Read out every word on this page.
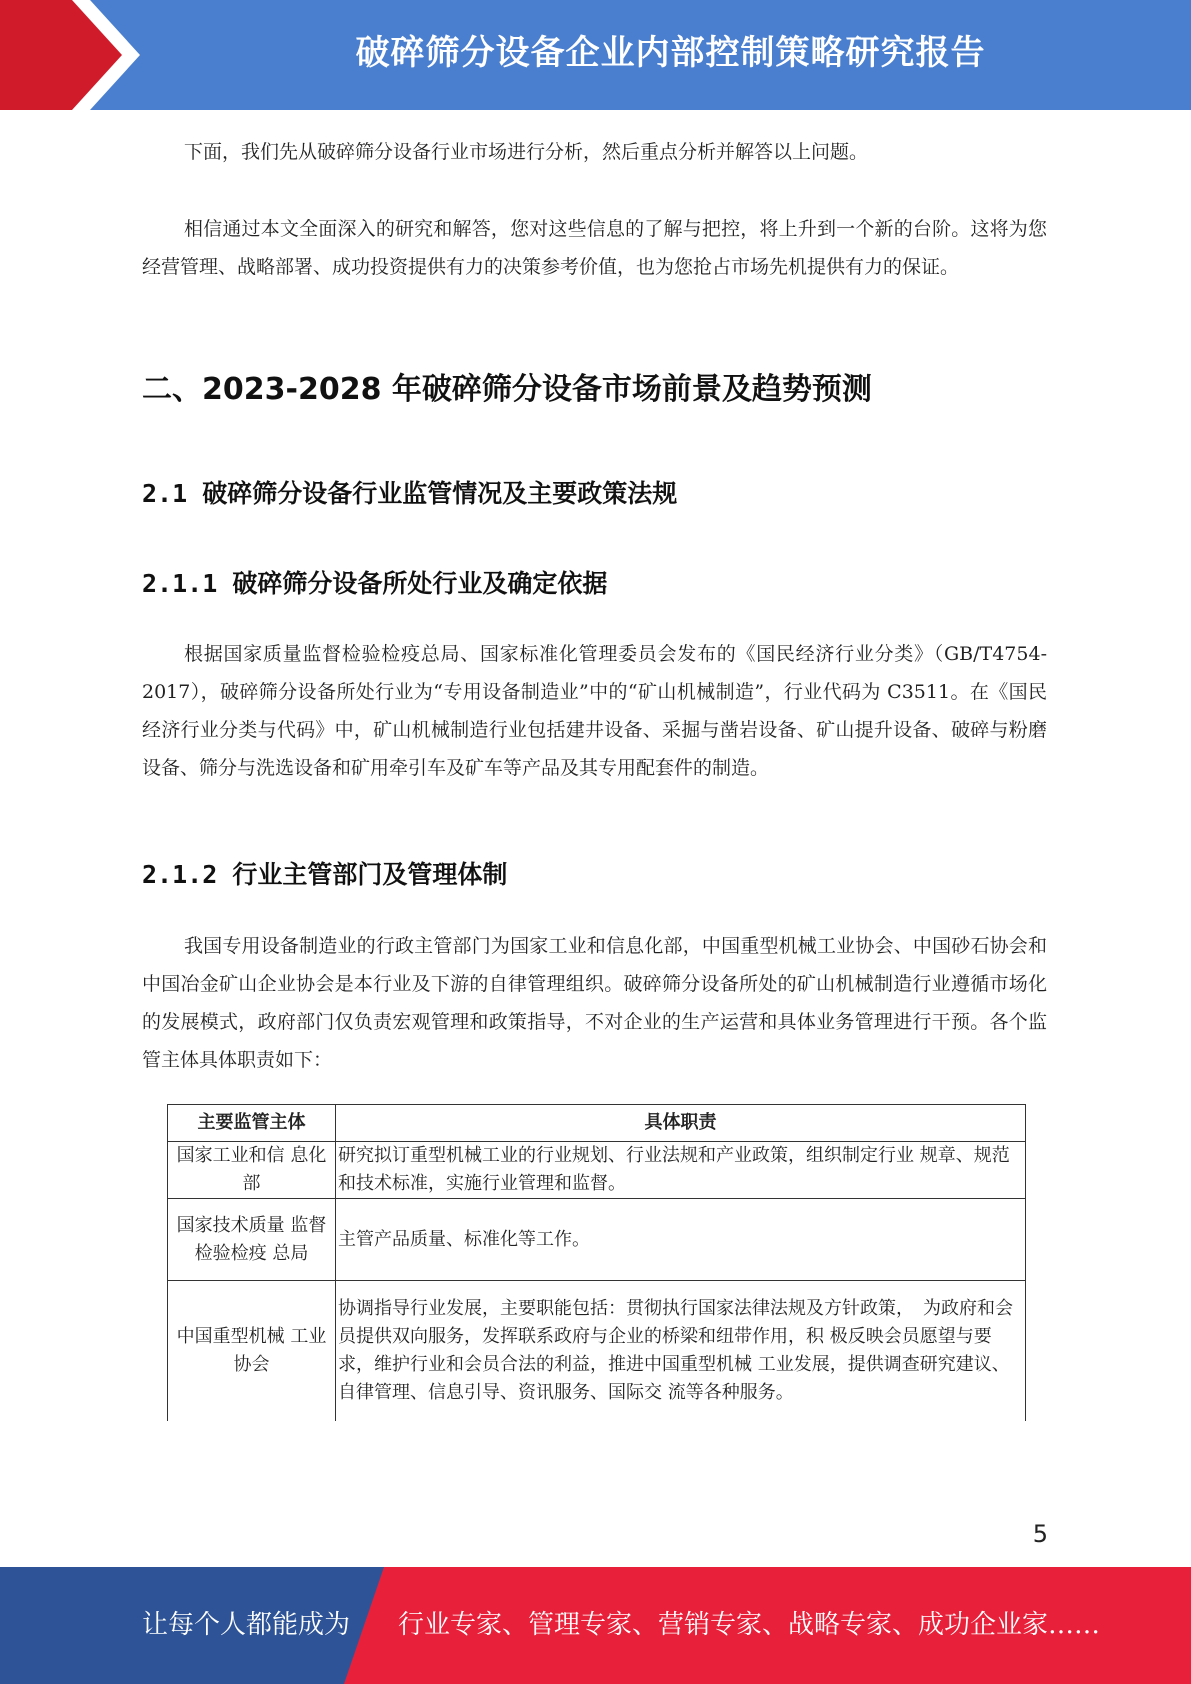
破碎筛分设备企业内部控制策略研究报告

下面，我们先从破碎筛分设备行业市场进行分析，然后重点分析并解答以上问题。

相信通过本文全面深入的研究和解答，您对这些信息的了解与把控，将上升到一个新的台阶。这将为您经营管理、战略部署、成功投资提供有力的决策参考价值，也为您抢占市场先机提供有力的保证。

二、2023-2028 年破碎筛分设备市场前景及趋势预测
2.1 破碎筛分设备行业监管情况及主要政策法规
2.1.1 破碎筛分设备所处行业及确定依据

根据国家质量监督检验检疫总局、国家标准化管理委员会发布的《国民经济行业分类》（GB/T4754-2017），破碎筛分设备所处行业为“专用设备制造业”中的“矿山机械制造”，行业代码为 C3511。在《国民经济行业分类与代码》中，矿山机械制造行业包括建井设备、采掘与凿岩设备、矿山提升设备、破碎与粉磨设备、筛分与洗选设备和矿用牵引车及矿车等产品及其专用配套件的制造。

2.1.2 行业主管部门及管理体制

我国专用设备制造业的行政主管部门为国家工业和信息化部，中国重型机械工业协会、中国砂石协会和中国冶金矿山企业协会是本行业及下游的自律管理组织。破碎筛分设备所处的矿山机械制造行业遵循市场化的发展模式，政府部门仅负责宏观管理和政策指导，不对企业的生产运营和具体业务管理进行干预。各个监管主体具体职责如下：

主要监管主体	具体职责
国家工业和信 息化部	研究拟订重型机械工业的行业规划、行业法规和产业政策，组织制定行业 规章、规范和技术标准，实施行业管理和监督。
国家技术质量 监督检验检疫 总局	主管产品质量、标准化等工作。
中国重型机械 工业协会	协调指导行业发展，主要职能包括：贯彻执行国家法律法规及方针政策，　为政府和会员提供双向服务，发挥联系政府与企业的桥梁和纽带作用，积 极反映会员愿望与要求，维护行业和会员合法的利益，推进中国重型机械 工业发展，提供调查研究建议、自律管理、信息引导、资讯服务、国际交 流等各种服务。
5
让每个人都能成为 行业专家、管理专家、营销专家、战略专家、成功企业家……
